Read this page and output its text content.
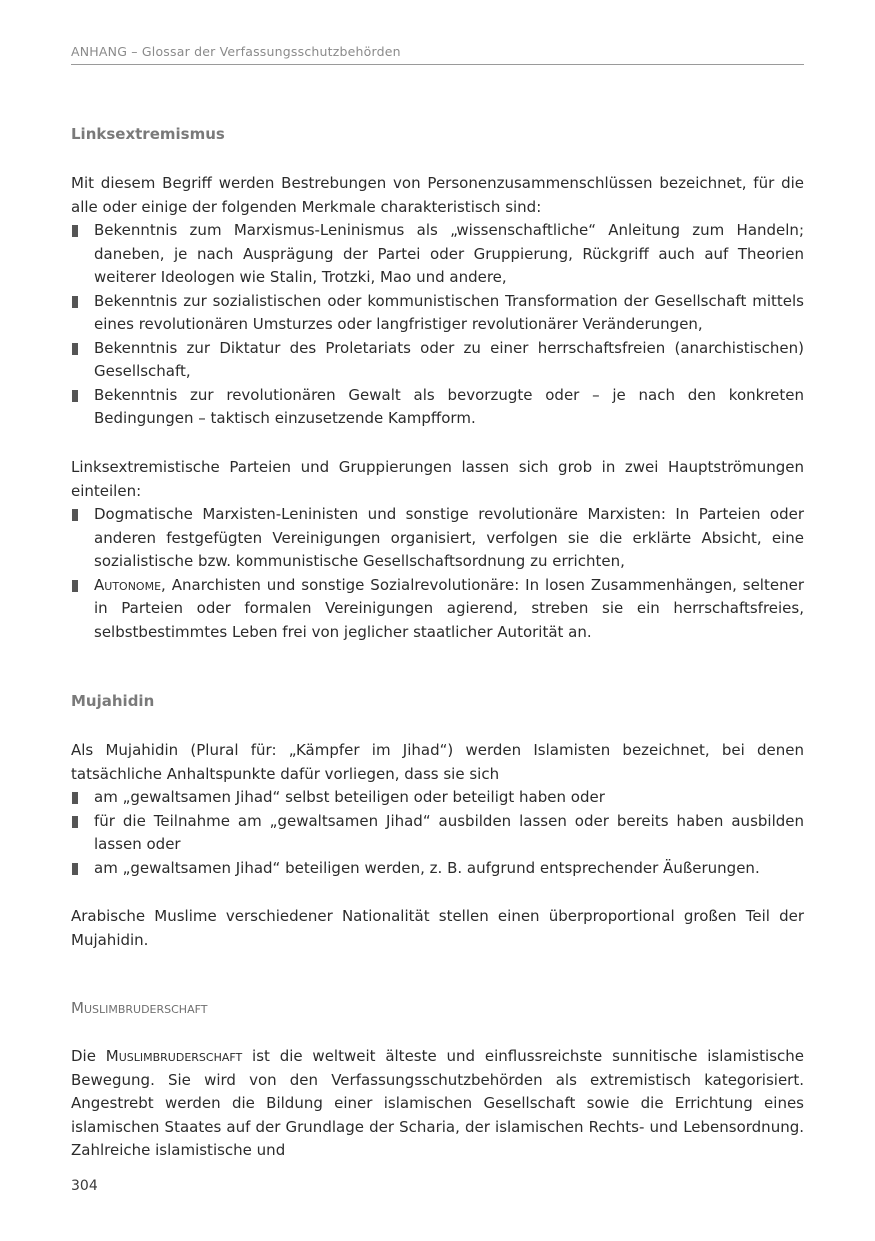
ANHANG – Glossar der Verfassungsschutzbehörden
Linksextremismus
Mit diesem Begriff werden Bestrebungen von Personenzusammenschlüssen bezeichnet, für die alle oder einige der folgenden Merkmale charakteristisch sind:
Bekenntnis zum Marxismus-Leninismus als „wissenschaftliche“ Anleitung zum Handeln; daneben, je nach Ausprägung der Partei oder Gruppierung, Rückgriff auch auf Theorien weiterer Ideologen wie Stalin, Trotzki, Mao und andere,
Bekenntnis zur sozialistischen oder kommunistischen Transformation der Gesellschaft mittels eines revolutionären Umsturzes oder langfristiger revolutionärer Veränderungen,
Bekenntnis zur Diktatur des Proletariats oder zu einer herrschaftsfreien (anarchistischen) Gesellschaft,
Bekenntnis zur revolutionären Gewalt als bevorzugte oder – je nach den konkreten Bedingungen – taktisch einzusetzende Kampfform.
Linksextremistische Parteien und Gruppierungen lassen sich grob in zwei Hauptströmungen einteilen:
Dogmatische Marxisten-Leninisten und sonstige revolutionäre Marxisten: In Parteien oder anderen festgefügten Vereinigungen organisiert, verfolgen sie die erklärte Absicht, eine sozialistische bzw. kommunistische Gesellschaftsordnung zu errichten,
Autonome, Anarchisten und sonstige Sozialrevolutionäre: In losen Zusammenhängen, seltener in Parteien oder formalen Vereinigungen agierend, streben sie ein herrschaftsfreies, selbstbestimmtes Leben frei von jeglicher staatlicher Autorität an.
Mujahidin
Als Mujahidin (Plural für: „Kämpfer im Jihad“) werden Islamisten bezeichnet, bei denen tatsächliche Anhaltspunkte dafür vorliegen, dass sie sich
am „gewaltsamen Jihad“ selbst beteiligen oder beteiligt haben oder
für die Teilnahme am „gewaltsamen Jihad“ ausbilden lassen oder bereits haben ausbilden lassen oder
am „gewaltsamen Jihad“ beteiligen werden, z. B. aufgrund entsprechender Äußerungen.
Arabische Muslime verschiedener Nationalität stellen einen überproportional großen Teil der Mujahidin.
Muslimbruderschaft
Die Muslimbruderschaft ist die weltweit älteste und einflussreichste sunnitische islamistische Bewegung. Sie wird von den Verfassungsschutzbehörden als extremistisch kategorisiert. Angestrebt werden die Bildung einer islamischen Gesellschaft sowie die Errichtung eines islamischen Staates auf der Grundlage der Scharia, der islamischen Rechts- und Lebensordnung. Zahlreiche islamistische und
304
